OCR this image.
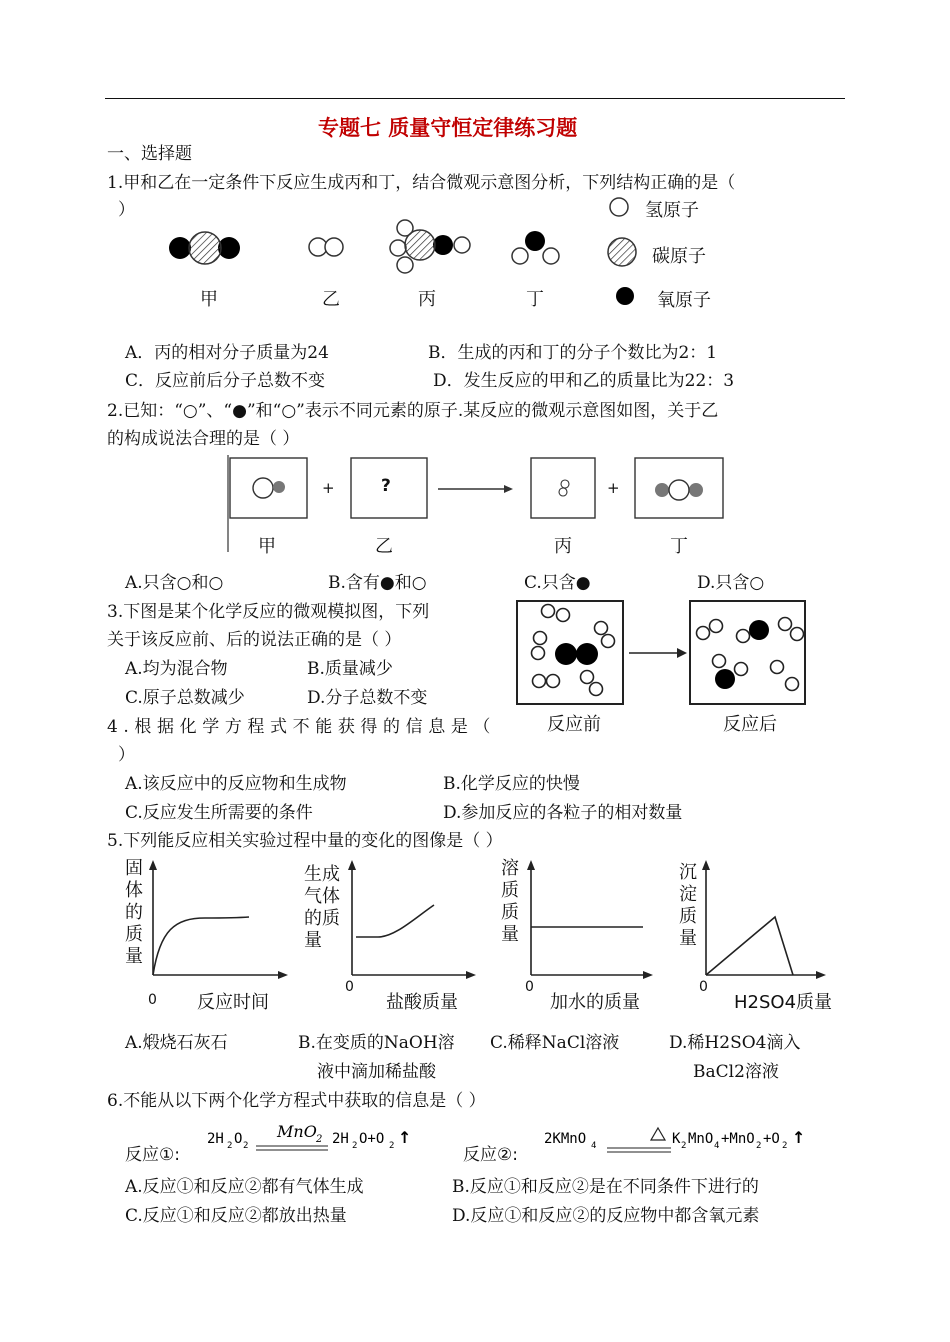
专题七 质量守恒定律练习题
一、选择题
1.甲和乙在一定条件下反应生成丙和丁，结合微观示意图分析，下列结构正确的是（
）
甲	乙	丙	丁
氢原子
碳原子
氧原子
A．丙的相对分子质量为24	B．生成的丙和丁的分子个数比为2：1
C．反应前后分子总数不变	D．发生反应的甲和乙的质量比为22：3
2.已知：“○”、“●”和“○”表示不同元素的原子.某反应的微观示意图如图，关于乙
的构成说法合理的是（ ）
?
+	+
甲	乙	丙	丁
A.只含○和○	B.含有●和○	C.只含●	D.只含○
3.下图是某个化学反应的微观模拟图，下列
关于该反应前、后的说法正确的是（ ）
A.均为混合物	B.质量减少
C.原子总数减少	D.分子总数不变
反应前	反应后
4.根据化学方程式不能获得的信息是（
）
A.该反应中的反应物和生成物	B.化学反应的快慢
C.反应发生所需要的条件	D.参加反应的各粒子的相对数量
5.下列能反应相关实验过程中量的变化的图像是（ ）
固体的质量
反应时间
0
生成气体的质量
盐酸质量
0
溶质质量
加水的质量
0
沉淀质量
H2SO4质量
0
A.煅烧石灰石	B.在变质的NaOH溶
液中滴加稀盐酸
C.稀释NaCl溶液	D.稀H2SO4滴入
BaCl2溶液
6.不能从以下两个化学方程式中获取的信息是（ ）
反应①:
2H 2 O 2
MnO 2 2H 2 O+O 2 ↑
反应②:
2KMnO 4	K 2 MnO 4 +MnO 2 +O 2 ↑
A.反应①和反应②都有气体生成	B.反应①和反应②是在不同条件下进行的
C.反应①和反应②都放出热量	D.反应①和反应②的反应物中都含氧元素
